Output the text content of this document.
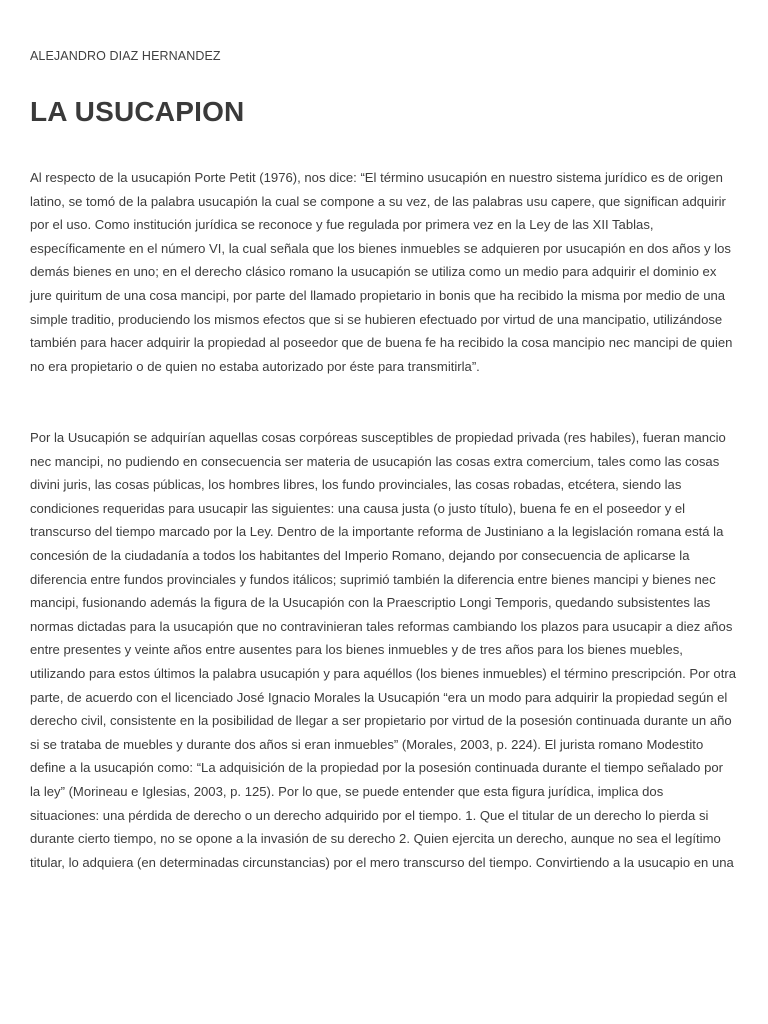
ALEJANDRO DIAZ HERNANDEZ

LA USUCAPION

Al respecto de la usucapión Porte Petit (1976), nos dice: “El término usucapión en nuestro sistema jurídico es de origen latino, se tomó de la palabra usucapión la cual se compone a su vez, de las palabras usu capere, que significan adquirir por el uso. Como institución jurídica se reconoce y fue regulada por primera vez en la Ley de las XII Tablas, específicamente en el número VI, la cual señala que los bienes inmuebles se adquieren por usucapión en dos años y los demás bienes en uno; en el derecho clásico romano la usucapión se utiliza como un medio para adquirir el dominio ex jure quiritum de una cosa mancipi, por parte del llamado propietario in bonis que ha recibido la misma por medio de una simple traditio, produciendo los mismos efectos que si se hubieren efectuado por virtud de una mancipatio, utilizándose también para hacer adquirir la propiedad al poseedor que de buena fe ha recibido la cosa mancipio nec mancipi de quien no era propietario o de quien no estaba autorizado por éste para transmitirla”.

Por la Usucapión se adquirían aquellas cosas corpóreas susceptibles de propiedad privada (res habiles), fueran mancio nec mancipi, no pudiendo en consecuencia ser materia de usucapión las cosas extra comercium, tales como las cosas divini juris, las cosas públicas, los hombres libres, los fundo provinciales, las cosas robadas, etcétera, siendo las condiciones requeridas para usucapir las siguientes: una causa justa (o justo título), buena fe en el poseedor y el transcurso del tiempo marcado por la Ley. Dentro de la importante reforma de Justiniano a la legislación romana está la concesión de la ciudadanía a todos los habitantes del Imperio Romano, dejando por consecuencia de aplicarse la diferencia entre fundos provinciales y fundos itálicos; suprimió también la diferencia entre bienes mancipi y bienes nec mancipi, fusionando además la figura de la Usucapión con la Praescriptio Longi Temporis, quedando subsistentes las normas dictadas para la usucapión que no contravinieran tales reformas cambiando los plazos para usucapir a diez años entre presentes y veinte años entre ausentes para los bienes inmuebles y de tres años para los bienes muebles, utilizando para estos últimos la palabra usucapión y para aquéllos (los bienes inmuebles) el término prescripción. Por otra parte, de acuerdo con el licenciado José Ignacio Morales la Usucapión “era un modo para adquirir la propiedad según el derecho civil, consistente en la posibilidad de llegar a ser propietario por virtud de la posesión continuada durante un año si se trataba de muebles y durante dos años si eran inmuebles” (Morales, 2003, p. 224). El jurista romano Modestito define a la usucapión como: “La adquisición de la propiedad por la posesión continuada durante el tiempo señalado por la ley” (Morineau e Iglesias, 2003, p. 125). Por lo que, se puede entender que esta figura jurídica, implica dos situaciones: una pérdida de derecho o un derecho adquirido por el tiempo. 1. Que el titular de un derecho lo pierda si durante cierto tiempo, no se opone a la invasión de su derecho 2. Quien ejercita un derecho, aunque no sea el legítimo titular, lo adquiera (en determinadas circunstancias) por el mero transcurso del tiempo. Convirtiendo a la usucapio en una
